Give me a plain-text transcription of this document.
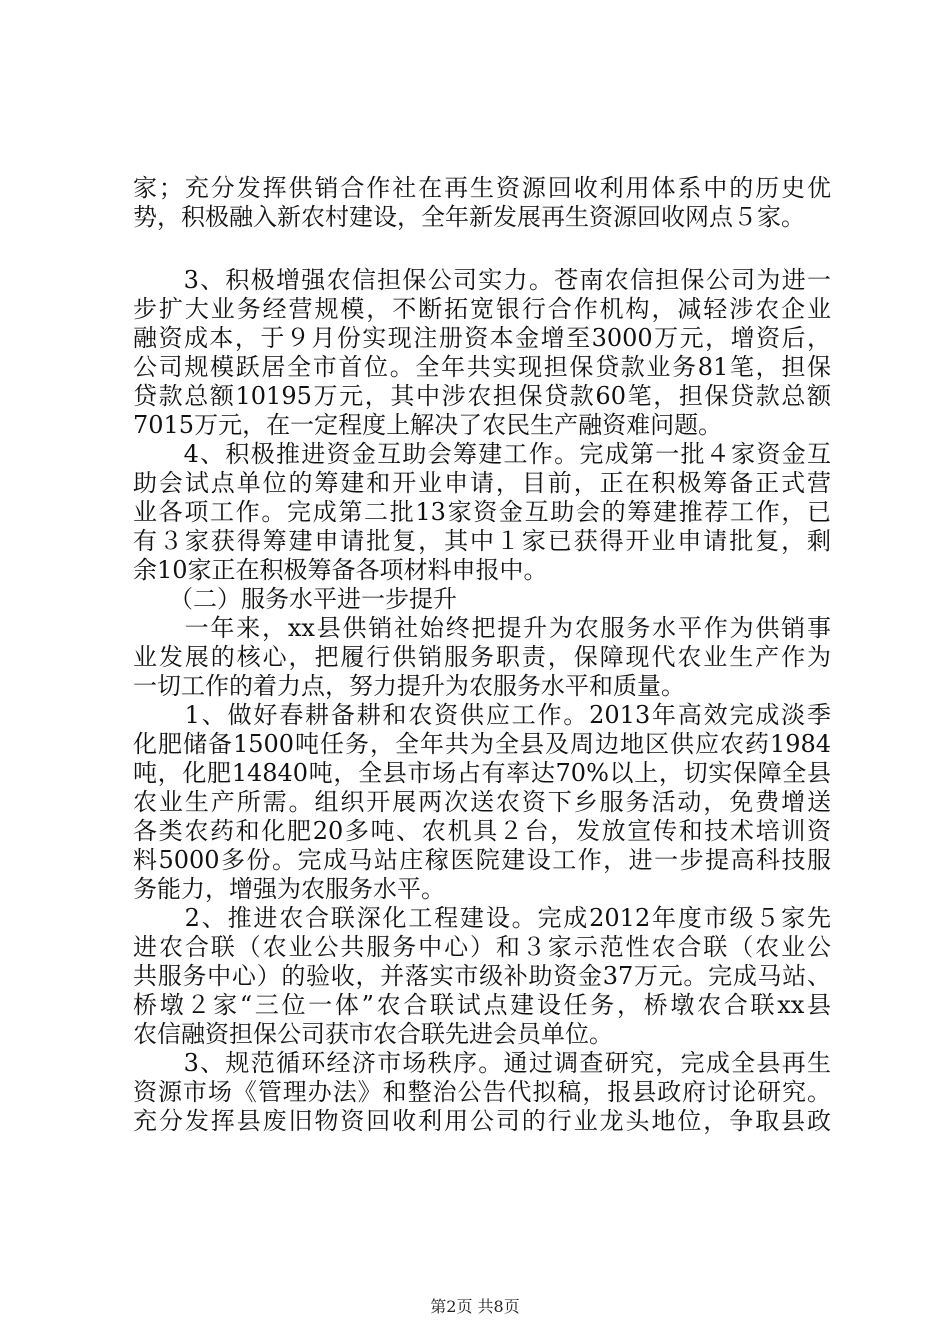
家；充分发挥供销合作社在再生资源回收利用体系中的历史优
势，积极融入新农村建设，全年新发展再生资源回收网点５家。
　　3、积极增强农信担保公司实力。苍南农信担保公司为进一
步扩大业务经营规模，不断拓宽银行合作机构，减轻涉农企业
融资成本，于９月份实现注册资本金增至3000万元，增资后，
公司规模跃居全市首位。全年共实现担保贷款业务81笔，担保
贷款总额10195万元，其中涉农担保贷款60笔，担保贷款总额
7015万元，在一定程度上解决了农民生产融资难问题。
　　4、积极推进资金互助会筹建工作。完成第一批４家资金互
助会试点单位的筹建和开业申请，目前，正在积极筹备正式营
业各项工作。完成第二批13家资金互助会的筹建推荐工作，已
有３家获得筹建申请批复，其中１家已获得开业申请批复，剩
余10家正在积极筹备各项材料申报中。
　　（二）服务水平进一步提升
　　一年来，xx县供销社始终把提升为农服务水平作为供销事
业发展的核心，把履行供销服务职责，保障现代农业生产作为
一切工作的着力点，努力提升为农服务水平和质量。
　　1、做好春耕备耕和农资供应工作。2013年高效完成淡季
化肥储备1500吨任务，全年共为全县及周边地区供应农药1984
吨，化肥14840吨，全县市场占有率达70%以上，切实保障全县
农业生产所需。组织开展两次送农资下乡服务活动，免费增送
各类农药和化肥20多吨、农机具２台，发放宣传和技术培训资
料5000多份。完成马站庄稼医院建设工作，进一步提高科技服
务能力，增强为农服务水平。
　　2、推进农合联深化工程建设。完成2012年度市级５家先
进农合联（农业公共服务中心）和３家示范性农合联（农业公
共服务中心）的验收，并落实市级补助资金37万元。完成马站、
桥墩２家“三位一体”农合联试点建设任务，桥墩农合联xx县
农信融资担保公司获市农合联先进会员单位。
　　3、规范循环经济市场秩序。通过调查研究，完成全县再生
资源市场《管理办法》和整治公告代拟稿，报县政府讨论研究。
充分发挥县废旧物资回收利用公司的行业龙头地位，争取县政
第2页 共8页
